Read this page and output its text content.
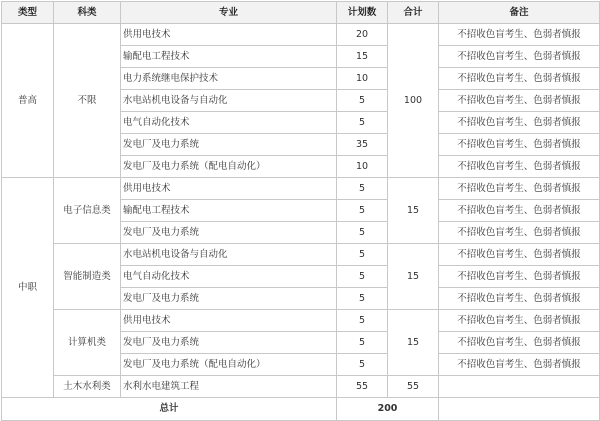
类型	科类	专业	计划数	合计	备注
普高	不限	供用电技术	20	100	不招收色盲考生、色弱者慎报
		输配电工程技术	15		不招收色盲考生、色弱者慎报
		电力系统继电保护技术	10		不招收色盲考生、色弱者慎报
		水电站机电设备与自动化	5		不招收色盲考生、色弱者慎报
		电气自动化技术	5		不招收色盲考生、色弱者慎报
		发电厂及电力系统	35		不招收色盲考生、色弱者慎报
		发电厂及电力系统（配电自动化）	10		不招收色盲考生、色弱者慎报
中职	电子信息类	供用电技术	5	15	不招收色盲考生、色弱者慎报
		输配电工程技术	5		不招收色盲考生、色弱者慎报
		发电厂及电力系统	5		不招收色盲考生、色弱者慎报
	智能制造类	水电站机电设备与自动化	5	15	不招收色盲考生、色弱者慎报
		电气自动化技术	5		不招收色盲考生、色弱者慎报
		发电厂及电力系统	5		不招收色盲考生、色弱者慎报
	计算机类	供用电技术	5	15	不招收色盲考生、色弱者慎报
		发电厂及电力系统	5		不招收色盲考生、色弱者慎报
		发电厂及电力系统（配电自动化）	5		不招收色盲考生、色弱者慎报
	土木水利类	水利水电建筑工程	55	55	
总计			200		
